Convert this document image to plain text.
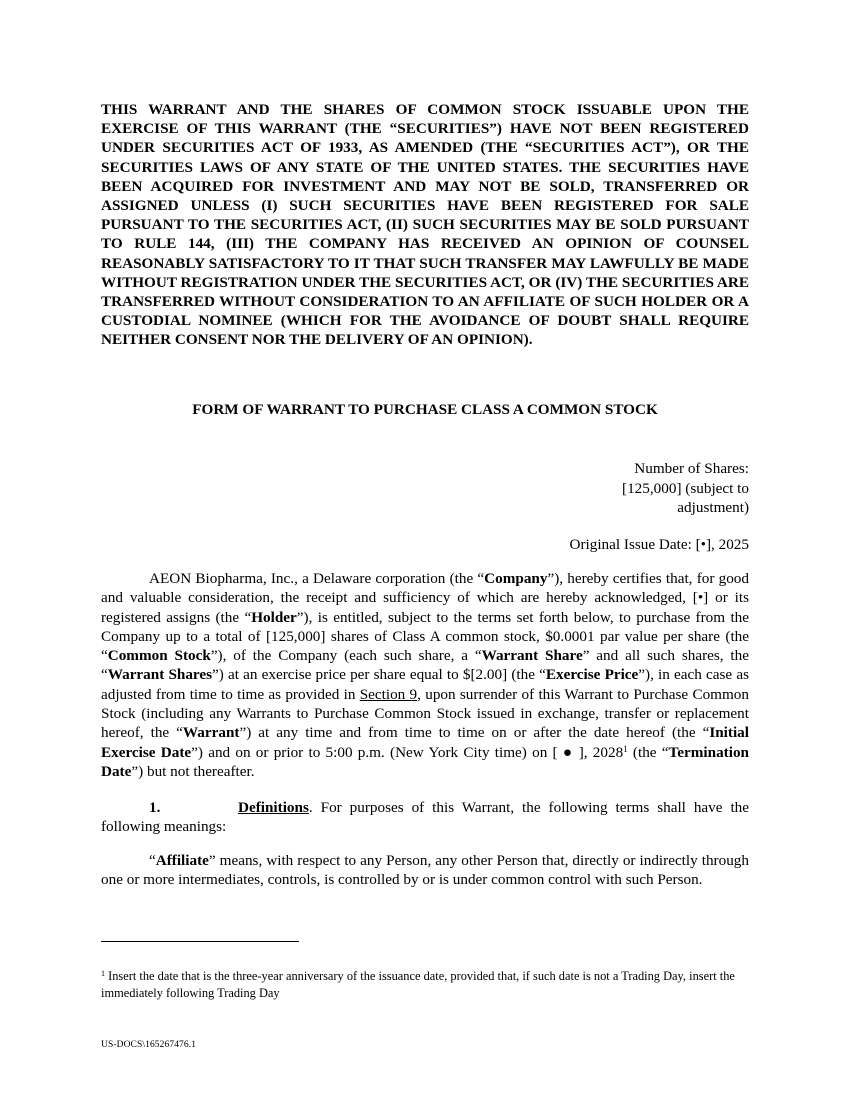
THIS WARRANT AND THE SHARES OF COMMON STOCK ISSUABLE UPON THE EXERCISE OF THIS WARRANT (THE “SECURITIES”) HAVE NOT BEEN REGISTERED UNDER SECURITIES ACT OF 1933, AS AMENDED (THE “SECURITIES ACT”), OR THE SECURITIES LAWS OF ANY STATE OF THE UNITED STATES. THE SECURITIES HAVE BEEN ACQUIRED FOR INVESTMENT AND MAY NOT BE SOLD, TRANSFERRED OR ASSIGNED UNLESS (I) SUCH SECURITIES HAVE BEEN REGISTERED FOR SALE PURSUANT TO THE SECURITIES ACT, (II) SUCH SECURITIES MAY BE SOLD PURSUANT TO RULE 144, (III) THE COMPANY HAS RECEIVED AN OPINION OF COUNSEL REASONABLY SATISFACTORY TO IT THAT SUCH TRANSFER MAY LAWFULLY BE MADE WITHOUT REGISTRATION UNDER THE SECURITIES ACT, OR (IV) THE SECURITIES ARE TRANSFERRED WITHOUT CONSIDERATION TO AN AFFILIATE OF SUCH HOLDER OR A CUSTODIAL NOMINEE (WHICH FOR THE AVOIDANCE OF DOUBT SHALL REQUIRE NEITHER CONSENT NOR THE DELIVERY OF AN OPINION).
FORM OF WARRANT TO PURCHASE CLASS A COMMON STOCK
Number of Shares:
[125,000] (subject to
adjustment)
Original Issue Date: [•], 2025
AEON Biopharma, Inc., a Delaware corporation (the “Company”), hereby certifies that, for good and valuable consideration, the receipt and sufficiency of which are hereby acknowledged, [•] or its registered assigns (the “Holder”), is entitled, subject to the terms set forth below, to purchase from the Company up to a total of [125,000] shares of Class A common stock, $0.0001 par value per share (the “Common Stock”), of the Company (each such share, a “Warrant Share” and all such shares, the “Warrant Shares”) at an exercise price per share equal to $[2.00] (the “Exercise Price”), in each case as adjusted from time to time as provided in Section 9, upon surrender of this Warrant to Purchase Common Stock (including any Warrants to Purchase Common Stock issued in exchange, transfer or replacement hereof, the “Warrant”) at any time and from time to time on or after the date hereof (the “Initial Exercise Date”) and on or prior to 5:00 p.m. (New York City time) on [ ● ], 2028$^1$ (the “Termination Date”) but not thereafter.
1.	Definitions. For purposes of this Warrant, the following terms shall have the following meanings:
“Affiliate” means, with respect to any Person, any other Person that, directly or indirectly through one or more intermediates, controls, is controlled by or is under common control with such Person.
$^1$ Insert the date that is the three-year anniversary of the issuance date, provided that, if such date is not a Trading Day, insert the immediately following Trading Day
US-DOCS\165267476.1
